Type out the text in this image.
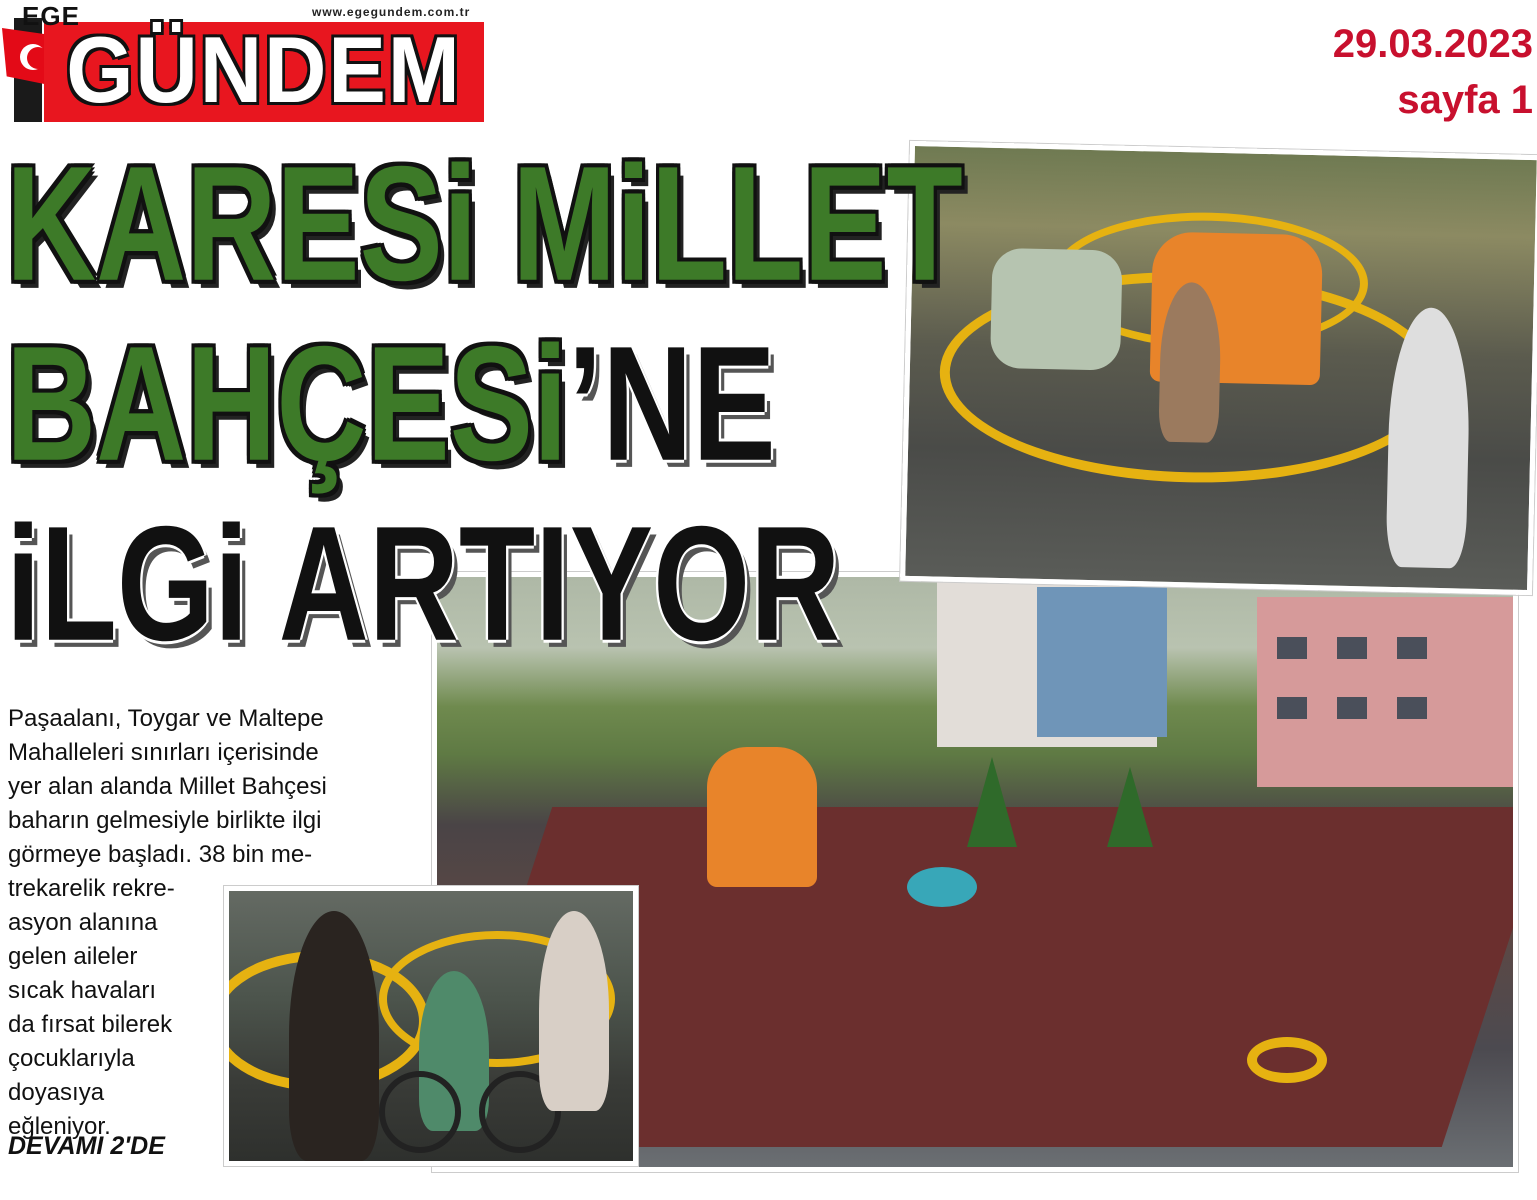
GÜNDEM
EGE	www.egegundem.com.tr
29.03.2023
sayfa 1
KARESi MiLLET
BAHÇESi’NE
iLGi ARTIYOR
Paşaalanı, Toygar ve Maltepe
Mahalleleri sınırları içerisinde
yer alan alanda Millet Bahçesi
baharın gelmesiyle birlikte ilgi
görmeye başladı. 38 bin me-
trekarelik rekre-
asyon alanına
gelen aileler
sıcak havaları
da fırsat bilerek
çocuklarıyla
doyasıya
eğleniyor.
DEVAMI 2'DE
